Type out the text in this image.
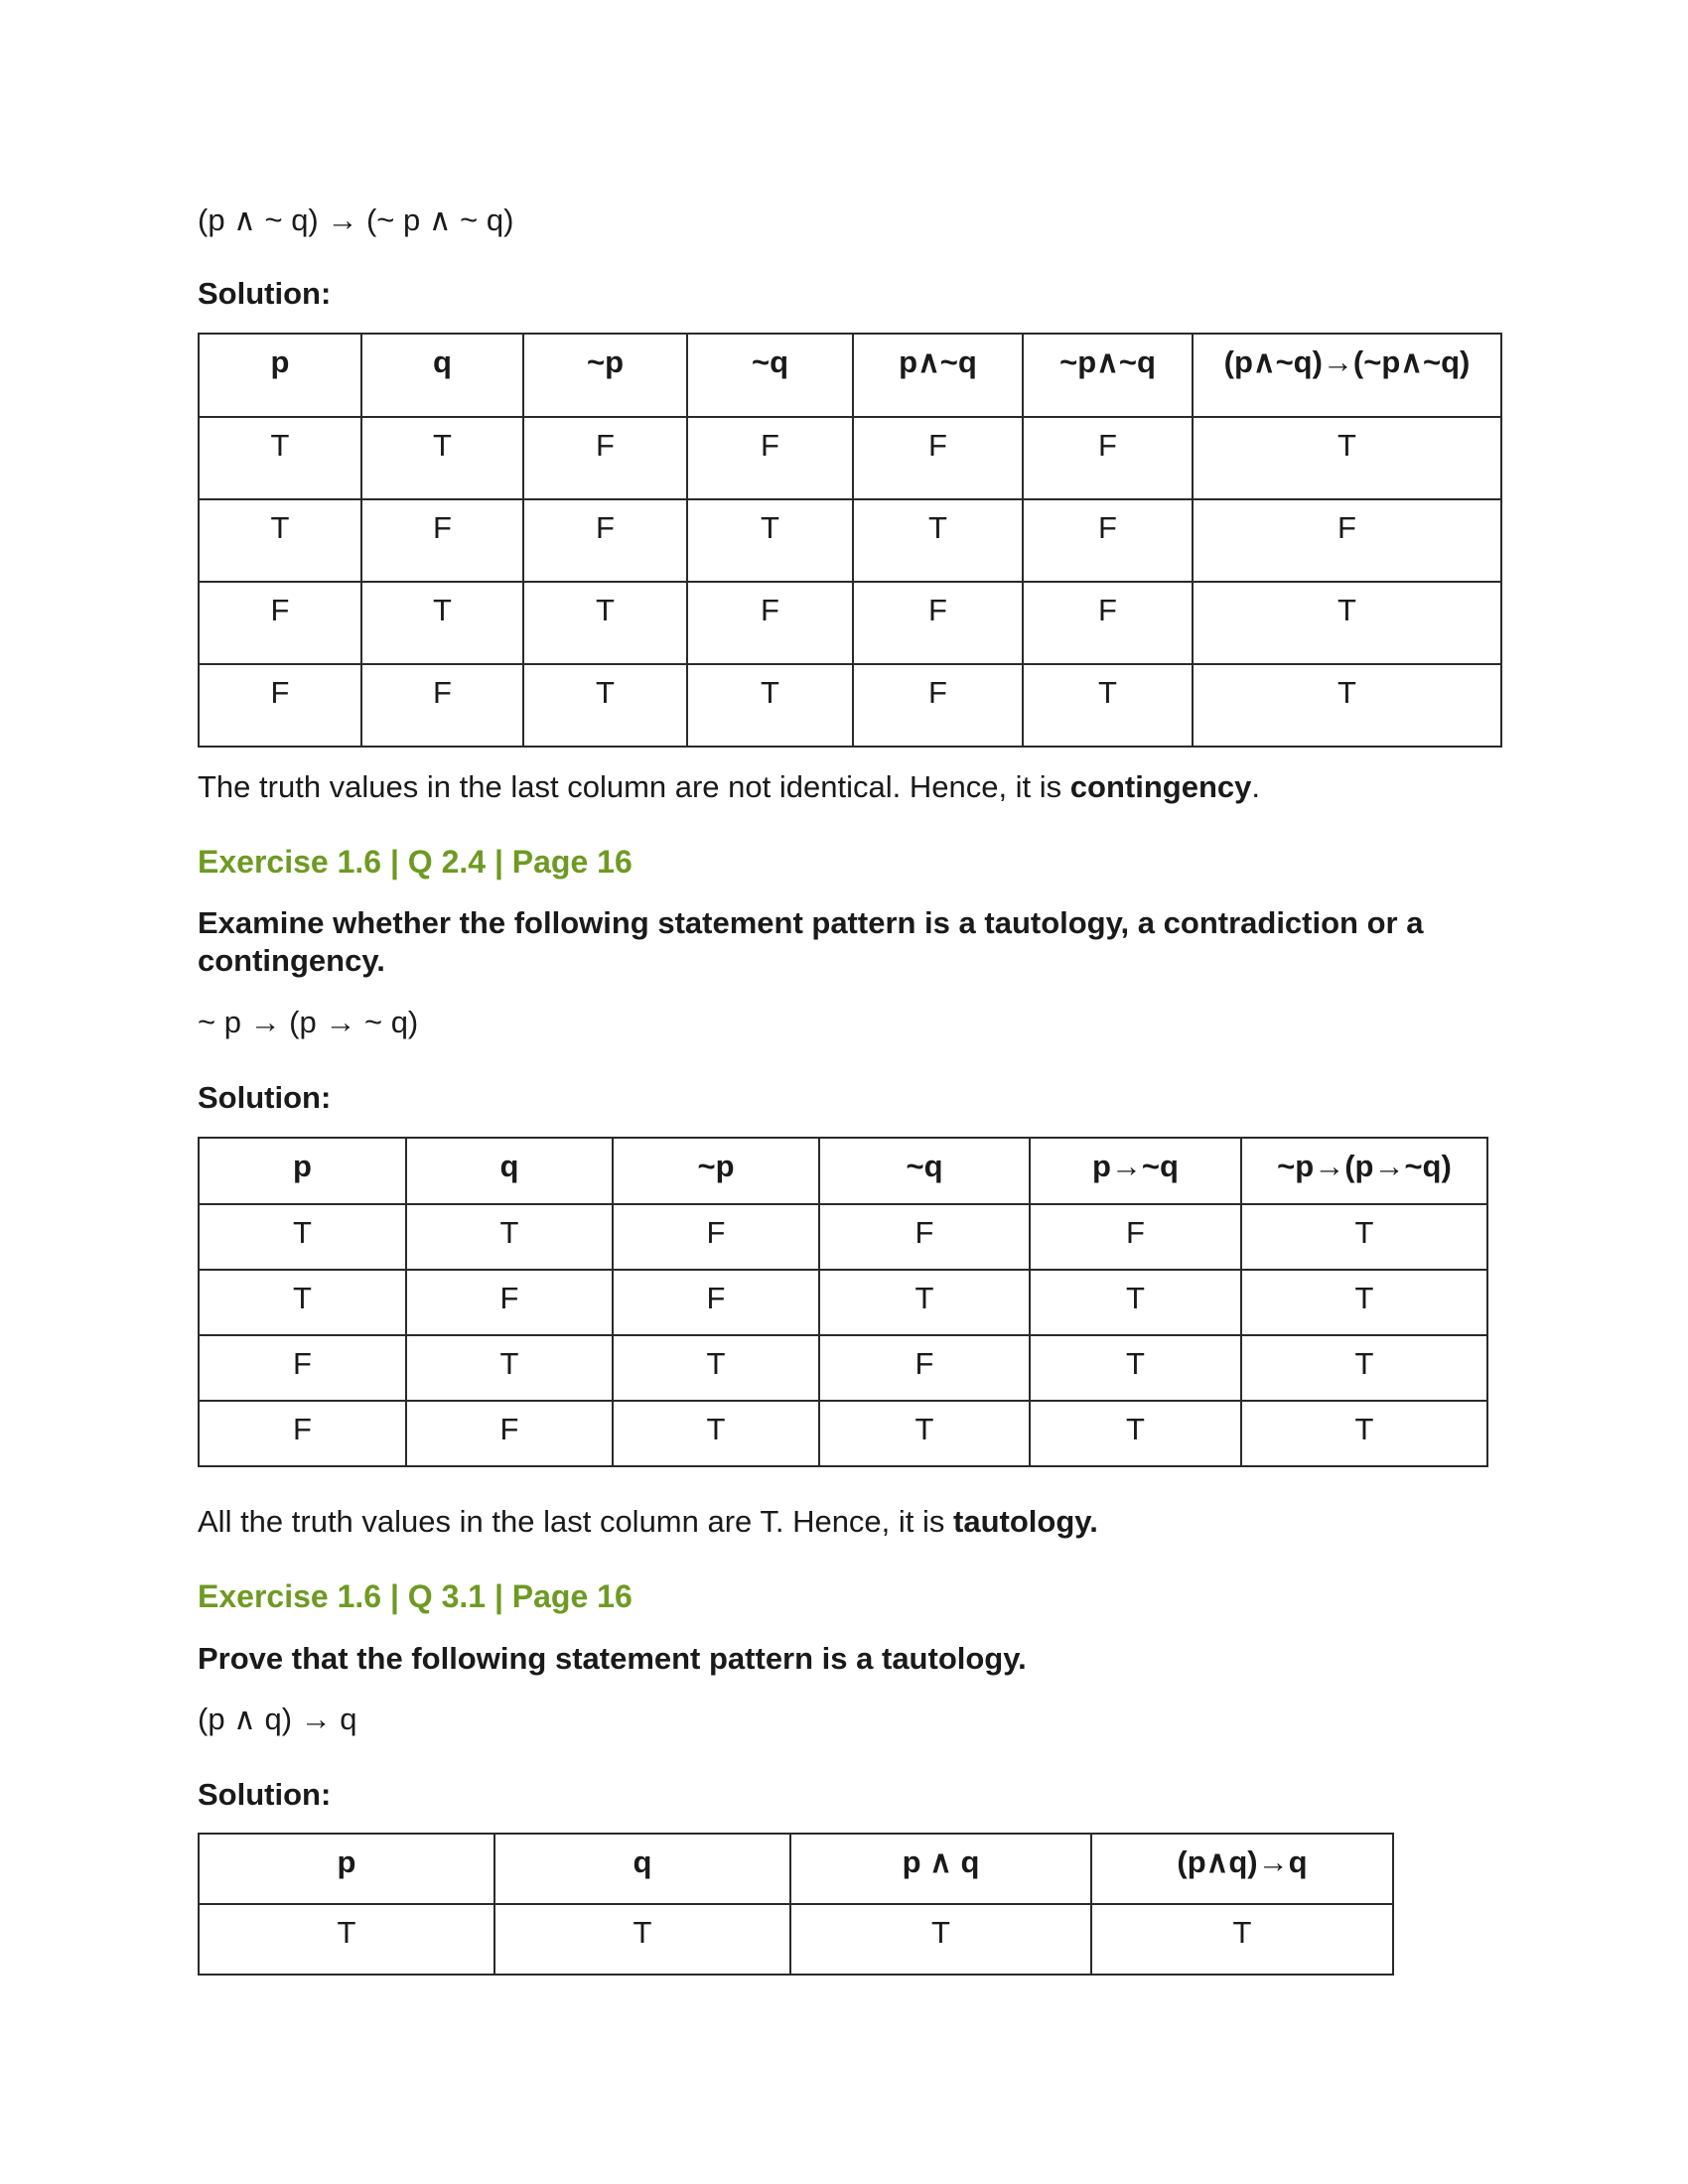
(p ∧ ~ q) → (~ p ∧ ~ q)
Solution:
p	q	~p	~q	p∧~q	~p∧~q	(p∧~q)→(~p∧~q)
T	T	F	F	F	F	T
T	F	F	T	T	F	F
F	T	T	F	F	F	T
F	F	T	T	F	T	T
The truth values in the last column are not identical. Hence, it is contingency.
Exercise 1.6 | Q 2.4 | Page 16
Examine whether the following statement pattern is a tautology, a contradiction or a contingency.
~ p → (p → ~ q)
Solution:
p	q	~p	~q	p→~q	~p→(p→~q)
T	T	F	F	F	T
T	F	F	T	T	T
F	T	T	F	T	T
F	F	T	T	T	T
All the truth values in the last column are T. Hence, it is tautology.
Exercise 1.6 | Q 3.1 | Page 16
Prove that the following statement pattern is a tautology.
(p ∧ q) → q
Solution:
p	q	p ∧ q	(p∧q)→q
T	T	T	T
